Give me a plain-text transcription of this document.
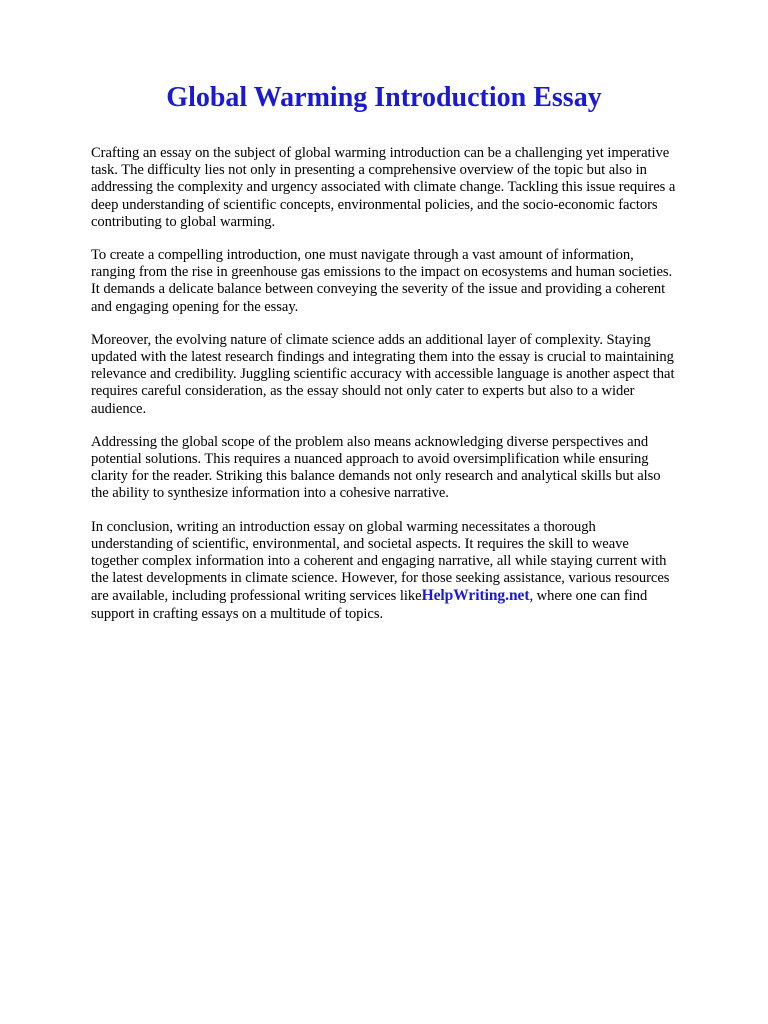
Global Warming Introduction Essay

Crafting an essay on the subject of global warming introduction can be a challenging yet imperative
task. The difficulty lies not only in presenting a comprehensive overview of the topic but also in
addressing the complexity and urgency associated with climate change. Tackling this issue requires a
deep understanding of scientific concepts, environmental policies, and the socio-economic factors
contributing to global warming.

To create a compelling introduction, one must navigate through a vast amount of information,
ranging from the rise in greenhouse gas emissions to the impact on ecosystems and human societies.
It demands a delicate balance between conveying the severity of the issue and providing a coherent
and engaging opening for the essay.

Moreover, the evolving nature of climate science adds an additional layer of complexity. Staying
updated with the latest research findings and integrating them into the essay is crucial to maintaining
relevance and credibility. Juggling scientific accuracy with accessible language is another aspect that
requires careful consideration, as the essay should not only cater to experts but also to a wider
audience.

Addressing the global scope of the problem also means acknowledging diverse perspectives and
potential solutions. This requires a nuanced approach to avoid oversimplification while ensuring
clarity for the reader. Striking this balance demands not only research and analytical skills but also
the ability to synthesize information into a cohesive narrative.

In conclusion, writing an introduction essay on global warming necessitates a thorough
understanding of scientific, environmental, and societal aspects. It requires the skill to weave
together complex information into a coherent and engaging narrative, all while staying current with
the latest developments in climate science. However, for those seeking assistance, various resources
are available, including professional writing services likeHelpWriting.net, where one can find
support in crafting essays on a multitude of topics.
